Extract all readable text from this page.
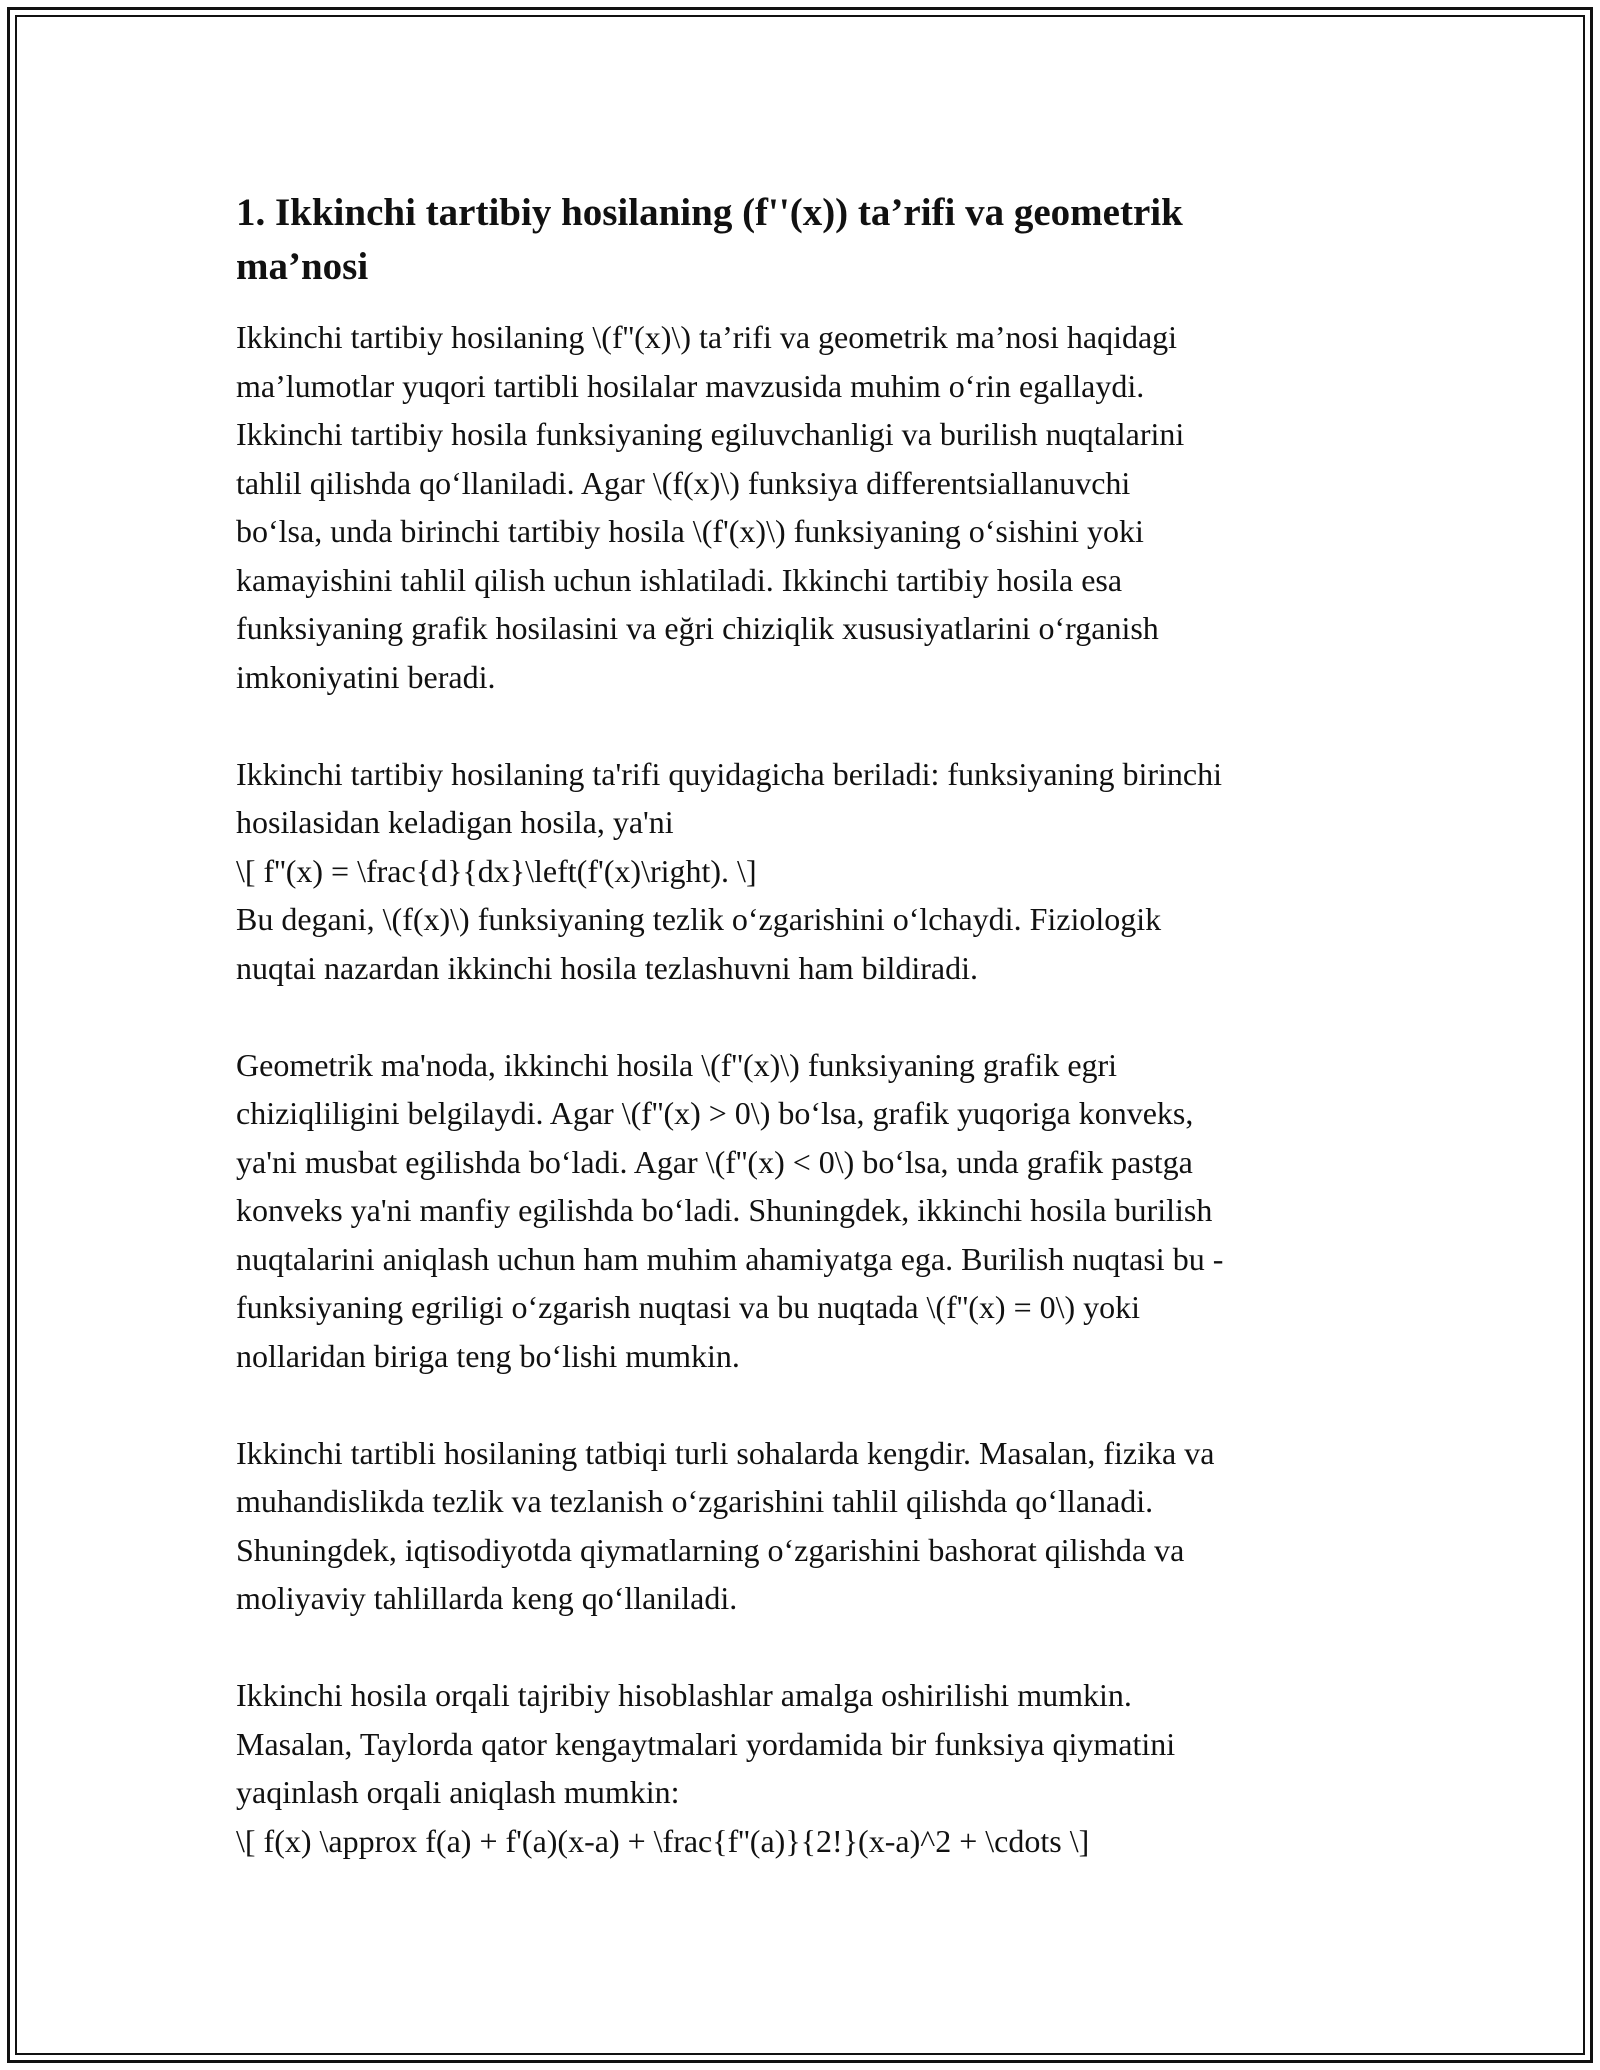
1. Ikkinchi tartibiy hosilaning (f''(x)) ta’rifi va geometrik
ma’nosi
Ikkinchi tartibiy hosilaning \(f''(x)\) ta’rifi va geometrik ma’nosi haqidagi
ma’lumotlar yuqori tartibli hosilalar mavzusida muhim o‘rin egallaydi.
Ikkinchi tartibiy hosila funksiyaning egiluvchanligi va burilish nuqtalarini
tahlil qilishda qo‘llaniladi. Agar \(f(x)\) funksiya differentsiallanuvchi
bo‘lsa, unda birinchi tartibiy hosila \(f'(x)\) funksiyaning o‘sishini yoki
kamayishini tahlil qilish uchun ishlatiladi. Ikkinchi tartibiy hosila esa
funksiyaning grafik hosilasini va eğri chiziqlik xususiyatlarini o‘rganish
imkoniyatini beradi.
Ikkinchi tartibiy hosilaning ta'rifi quyidagicha beriladi: funksiyaning birinchi
hosilasidan keladigan hosila, ya'ni
\[ f''(x) = \frac{d}{dx}\left(f'(x)\right). \]
Bu degani, \(f(x)\) funksiyaning tezlik o‘zgarishini o‘lchaydi. Fiziologik
nuqtai nazardan ikkinchi hosila tezlashuvni ham bildiradi.
Geometrik ma'noda, ikkinchi hosila \(f''(x)\) funksiyaning grafik egri
chiziqliligini belgilaydi. Agar \(f''(x) > 0\) bo‘lsa, grafik yuqoriga konveks,
ya'ni musbat egilishda bo‘ladi. Agar \(f''(x) < 0\) bo‘lsa, unda grafik pastga
konveks ya'ni manfiy egilishda bo‘ladi. Shuningdek, ikkinchi hosila burilish
nuqtalarini aniqlash uchun ham muhim ahamiyatga ega. Burilish nuqtasi bu -
funksiyaning egriligi o‘zgarish nuqtasi va bu nuqtada \(f''(x) = 0\) yoki
nollaridan biriga teng bo‘lishi mumkin.
Ikkinchi tartibli hosilaning tatbiqi turli sohalarda kengdir. Masalan, fizika va
muhandislikda tezlik va tezlanish o‘zgarishini tahlil qilishda qo‘llanadi.
Shuningdek, iqtisodiyotda qiymatlarning o‘zgarishini bashorat qilishda va
moliyaviy tahlillarda keng qo‘llaniladi.
Ikkinchi hosila orqali tajribiy hisoblashlar amalga oshirilishi mumkin.
Masalan, Taylorda qator kengaytmalari yordamida bir funksiya qiymatini
yaqinlash orqali aniqlash mumkin:
\[ f(x) \approx f(a) + f'(a)(x-a) + \frac{f''(a)}{2!}(x-a)^2 + \cdots \]
